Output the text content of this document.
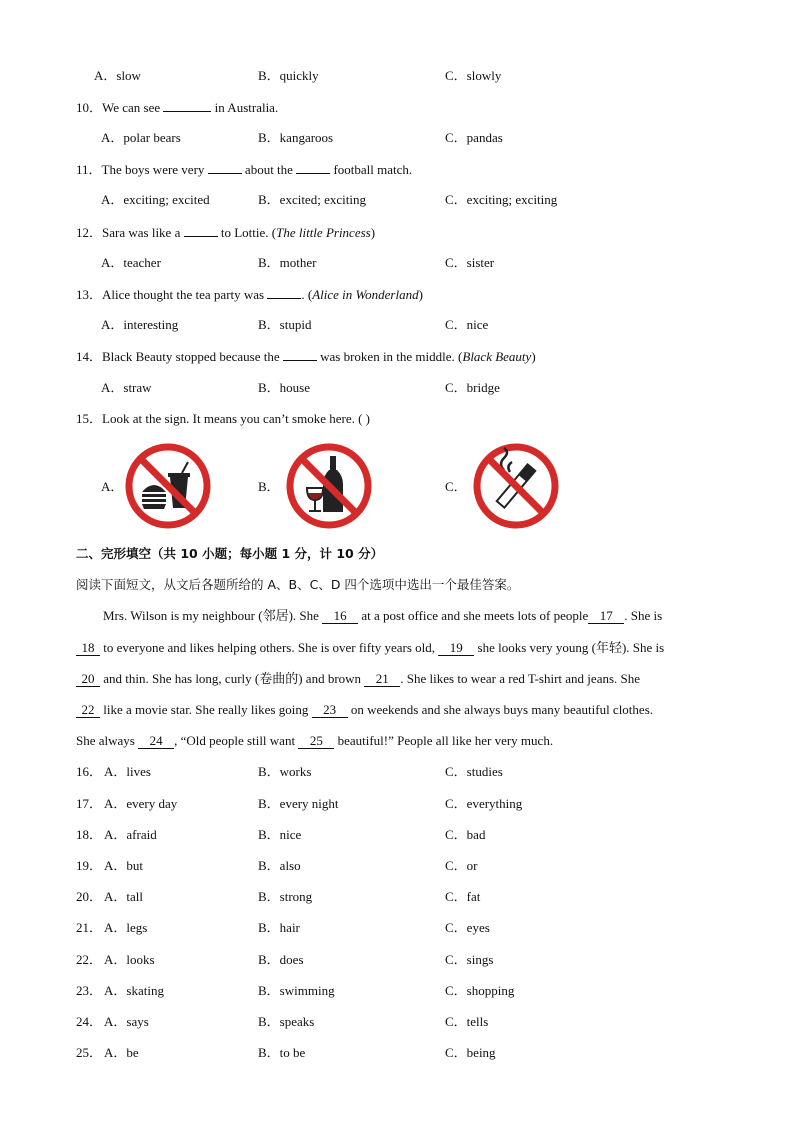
A．slow	B．quickly	C．slowly
10．We can see	in Australia.
A．polar bears	B．kangaroos	C．pandas
11．The boys were very	about the	football match.
A．exciting; excited	B．excited; exciting	C．exciting; exciting
12．Sara was like a	to Lottie. (The little Princess)
A．teacher	B．mother	C．sister
13．Alice thought the tea party was	. (Alice in Wonderland)
A．interesting	B．stupid	C．nice
14．Black Beauty stopped because the	was broken in the middle. (Black Beauty)
A．straw	B．house	C．bridge
15．Look at the sign. It means you can’t smoke here. ( )
A．	B．	C．
二、完形填空（共 10 小题；每小题 1 分，计 10 分）
阅读下面短文，从文后各题所给的 A、B、C、D 四个选项中选出一个最佳答案。
Mrs. Wilson is my neighbour (邻居). She 16 at a post office and she meets lots of people 17 . She is
18 to everyone and likes helping others. She is over fifty years old, 19 she looks very young (年轻). She is
20 and thin. She has long, curly (卷曲的) and brown 21 . She likes to wear a red T-shirt and jeans. She
22 like a movie star. She really likes going 23 on weekends and she always buys many beautiful clothes.
She always 24 , “Old people still want 25 beautiful!” People all like her very much.
16． A．lives	B．works	C．studies
17． A．every day	B．every night	C．everything
18． A．afraid	B．nice	C．bad
19． A．but	B．also	C．or
20． A．tall	B．strong	C．fat
21． A．legs	B．hair	C．eyes
22． A．looks	B．does	C．sings
23． A．skating	B．swimming	C．shopping
24． A．says	B．speaks	C．tells
25． A．be	B．to be	C．being
